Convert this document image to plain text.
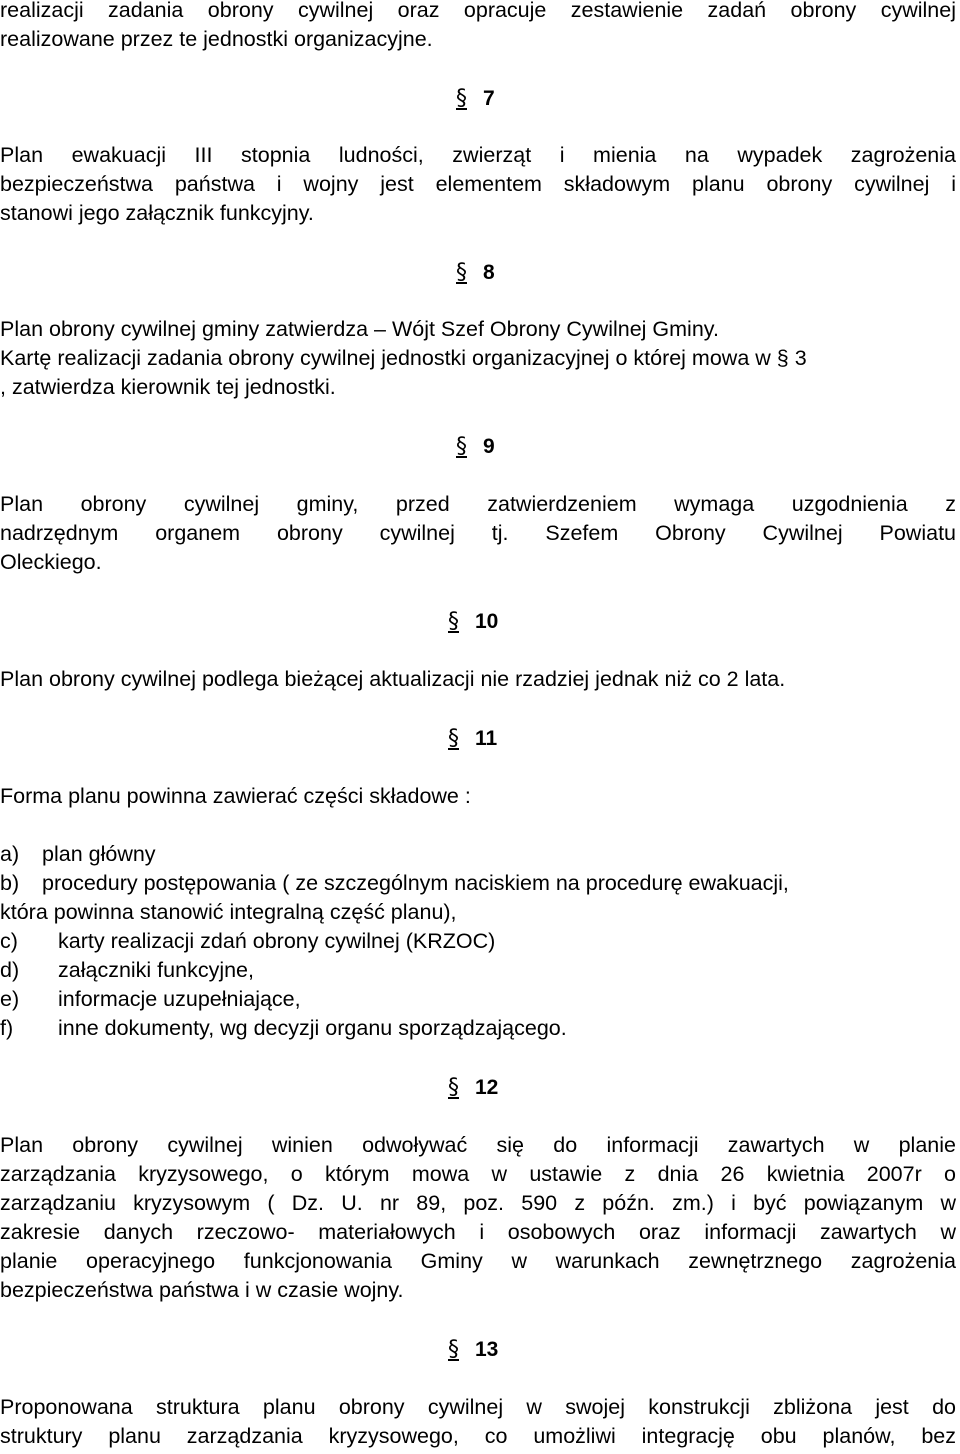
realizacji zadania obrony cywilnej oraz opracuje zestawienie zadań obrony cywilnej
realizowane przez te jednostki organizacyjne.
§ 7
Plan ewakuacji III stopnia ludności, zwierząt i mienia na wypadek zagrożenia
bezpieczeństwa państwa i wojny jest elementem składowym planu obrony cywilnej i
stanowi jego załącznik funkcyjny.
§ 8
Plan obrony cywilnej gminy zatwierdza – Wójt Szef Obrony Cywilnej Gminy.
Kartę realizacji zadania obrony cywilnej jednostki organizacyjnej o której mowa w § 3
, zatwierdza kierownik tej jednostki.
§ 9
Plan obrony cywilnej gminy, przed zatwierdzeniem wymaga uzgodnienia z
nadrzędnym organem obrony cywilnej tj. Szefem Obrony Cywilnej Powiatu
Oleckiego.
§ 10
Plan obrony cywilnej podlega bieżącej aktualizacji nie rzadziej jednak niż co 2 lata.
§ 11
Forma planu powinna zawierać części składowe :
a) plan główny
b) procedury postępowania ( ze szczególnym naciskiem na procedurę ewakuacji,
która powinna stanowić integralną część planu),
c) karty realizacji zdań obrony cywilnej (KRZOC)
d) załączniki funkcyjne,
e) informacje uzupełniające,
f) inne dokumenty, wg decyzji organu sporządzającego.
§ 12
Plan obrony cywilnej winien odwoływać się do informacji zawartych w planie
zarządzania kryzysowego, o którym mowa w ustawie z dnia 26 kwietnia 2007r o
zarządzaniu kryzysowym ( Dz. U. nr 89, poz. 590 z późn. zm.) i być powiązanym w
zakresie danych rzeczowo- materiałowych i osobowych oraz informacji zawartych w
planie operacyjnego funkcjonowania Gminy w warunkach zewnętrznego zagrożenia
bezpieczeństwa państwa i w czasie wojny.
§ 13
Proponowana struktura planu obrony cywilnej w swojej konstrukcji zbliżona jest do
struktury planu zarządzania kryzysowego, co umożliwi integrację obu planów, bez
